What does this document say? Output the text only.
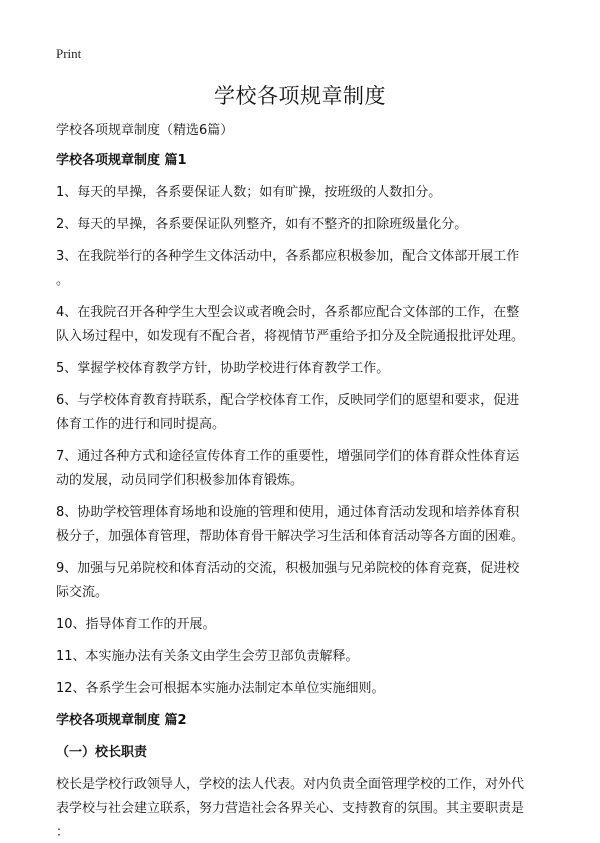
Print
学校各项规章制度

学校各项规章制度（精选6篇）

学校各项规章制度 篇1

1、每天的早操，各系要保证人数；如有旷操，按班级的人数扣分。

2、每天的早操，各系要保证队列整齐，如有不整齐的扣除班级量化分。

3、在我院举行的各种学生文体活动中，各系都应积极参加，配合文体部开展工作

。

4、在我院召开各种学生大型会议或者晚会时，各系都应配合文体部的工作，在整

队入场过程中，如发现有不配合者，将视情节严重给予扣分及全院通报批评处理。

5、掌握学校体育教学方针，协助学校进行体育教学工作。

6、与学校体育教育持联系，配合学校体育工作，反映同学们的愿望和要求，促进

体育工作的进行和同时提高。

7、通过各种方式和途径宣传体育工作的重要性，增强同学们的体育群众性体育运

动的发展，动员同学们积极参加体育锻炼。

8、协助学校管理体育场地和设施的管理和使用，通过体育活动发现和培养体育积

极分子，加强体育管理，帮助体育骨干解决学习生活和体育活动等各方面的困难。

9、加强与兄弟院校和体育活动的交流，积极加强与兄弟院校的体育竞赛，促进校

际交流。

10、指导体育工作的开展。

11、本实施办法有关条文由学生会劳卫部负责解释。

12、各系学生会可根据本实施办法制定本单位实施细则。

学校各项规章制度 篇2

（一）校长职责

校长是学校行政领导人，学校的法人代表。对内负责全面管理学校的工作，对外代

表学校与社会建立联系，努力营造社会各界关心、支持教育的氛围。其主要职责是

：
